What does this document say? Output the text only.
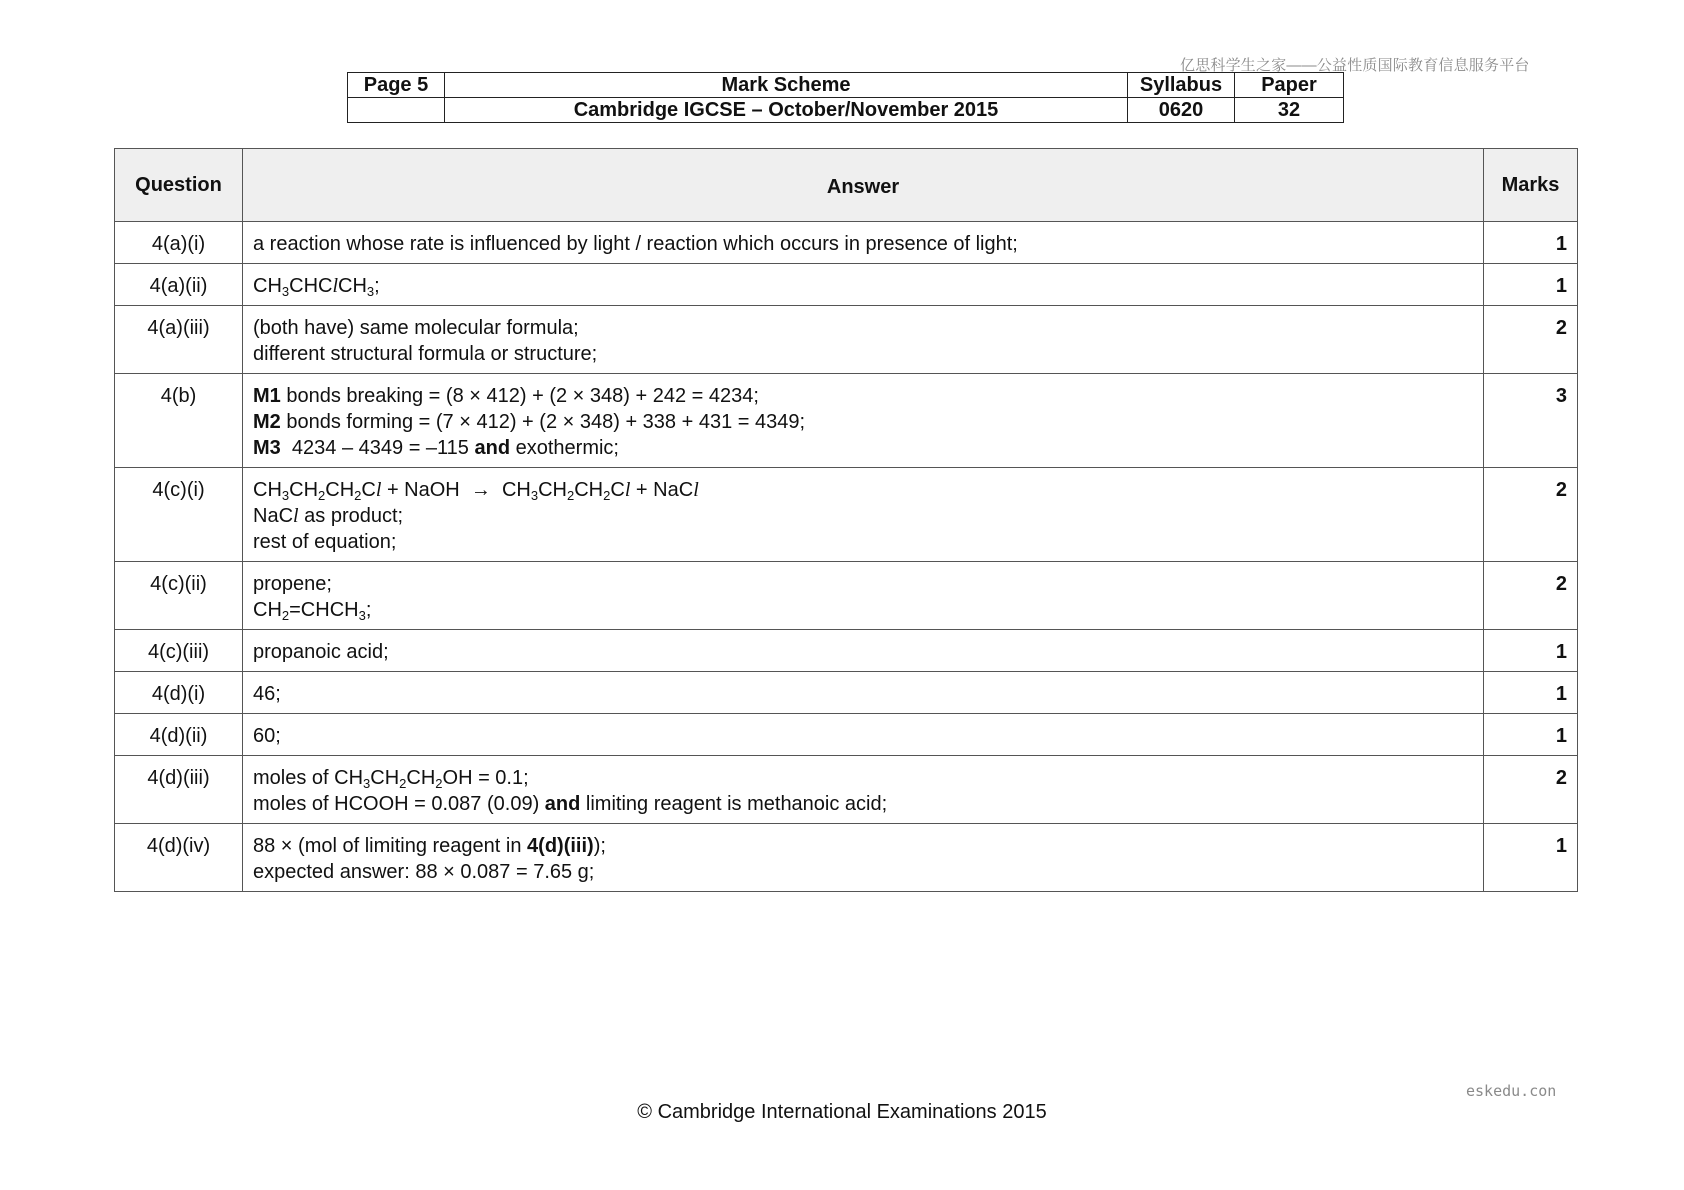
亿思科学生之家——公益性质国际教育信息服务平台
Page 5	Mark Scheme	Syllabus	Paper
	Cambridge IGCSE – October/November 2015	0620	32
Question	Answer	Marks
4(a)(i)	a reaction whose rate is influenced by light / reaction which occurs in presence of light;	1
4(a)(ii)	$CH_3CHClCH_3$;	1
4(a)(iii)	(both have) same molecular formula;
different structural formula or structure;	2
4(b)	M1 bonds breaking = (8 × 412) + (2 × 348) + 242 = 4234;
M2 bonds forming = (7 × 412) + (2 × 348) + 338 + 431 = 4349;
M3  4234 – 4349 = –115 and exothermic;	3
4(c)(i)	$CH_3CH_2CH_2Cl$ + NaOH  →  $CH_3CH_2CH_2Cl$ + NaCl
NaCl as product;
rest of equation;	2
4(c)(ii)	propene;
$CH_2=CHCH_3$;	2
4(c)(iii)	propanoic acid;	1
4(d)(i)	46;	1
4(d)(ii)	60;	1
4(d)(iii)	moles of $CH_3CH_2CH_2OH = 0.1$;
moles of HCOOH = 0.087 (0.09) and limiting reagent is methanoic acid;	2
4(d)(iv)	88 × (mol of limiting reagent in 4(d)(iii));
expected answer: 88 × 0.087 = 7.65 g;	1
eskedu.con
© Cambridge International Examinations 2015
